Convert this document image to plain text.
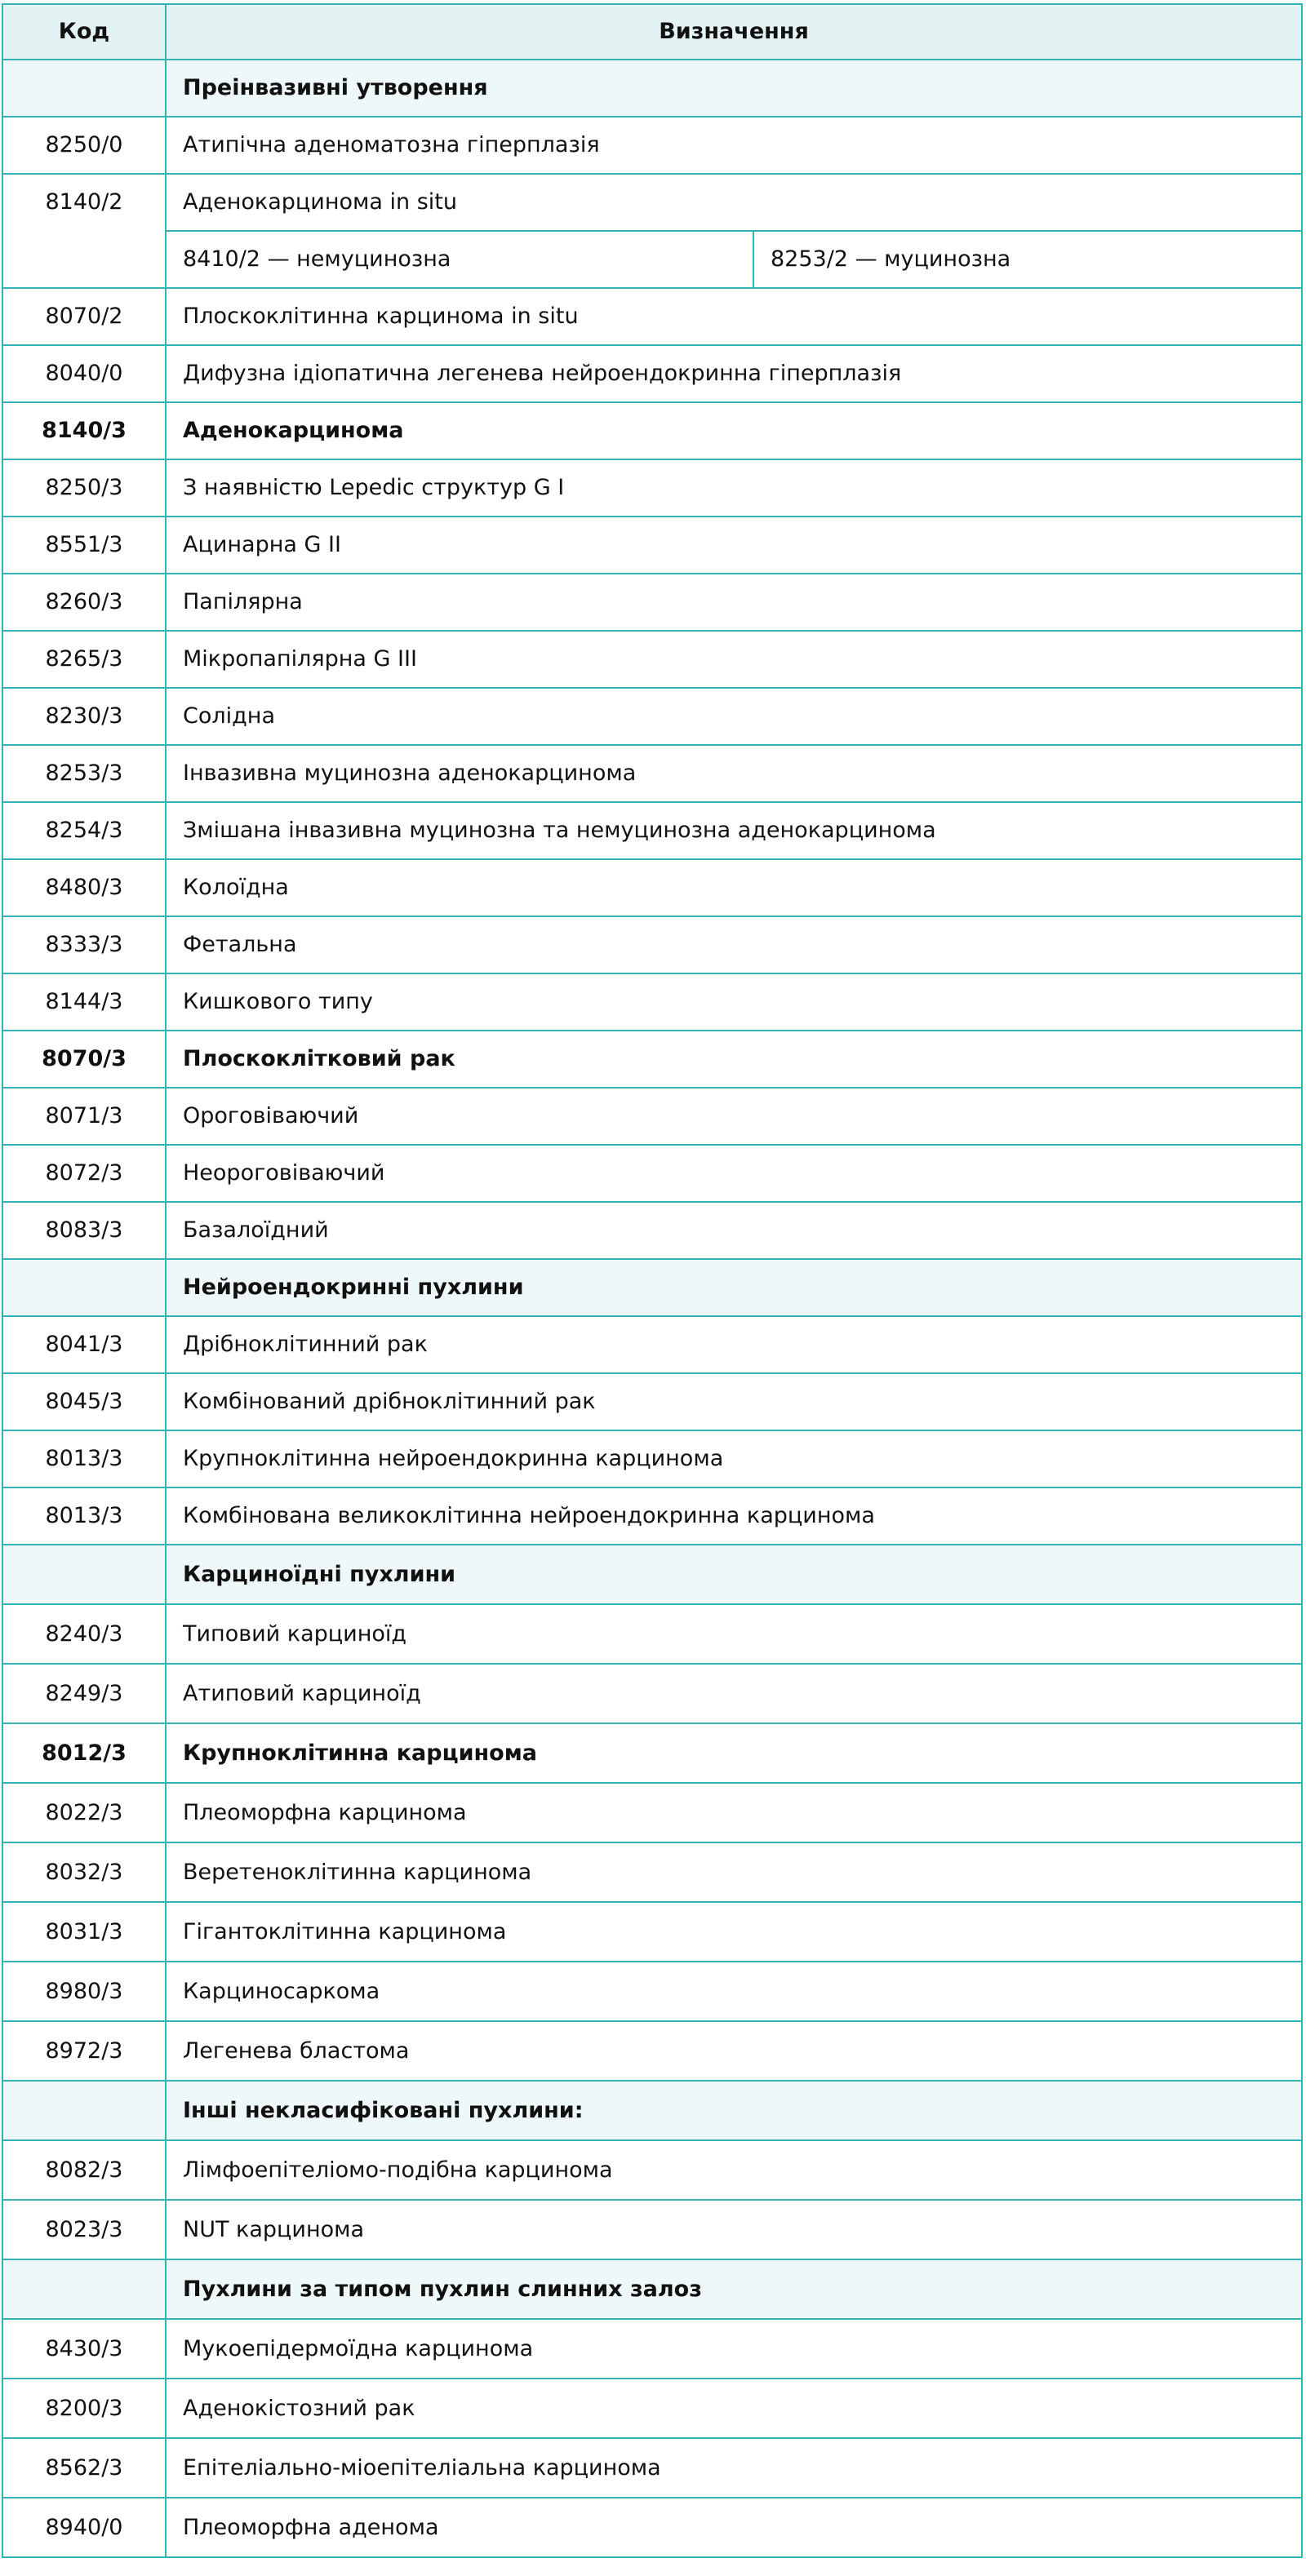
Код	Визначення	
	Преінвазивні утворення	
8250/0	Атипічна аденоматозна гіперплазія	
8140/2	Аденокарцинома in situ	
	8410/2 — немуцинозна	8253/2 — муцинозна
8070/2	Плоскоклітинна карцинома in situ	
8040/0	Дифузна ідіопатична легенева нейроендокринна гіперплазія	
8140/3	Аденокарцинома	
8250/3	З наявністю Lepedic структур G I	
8551/3	Ацинарна G II	
8260/3	Папілярна	
8265/3	Мікропапілярна G III	
8230/3	Солідна	
8253/3	Інвазивна муцинозна аденокарцинома	
8254/3	Змішана інвазивна муцинозна та немуцинозна аденокарцинома	
8480/3	Колоїдна	
8333/3	Фетальна	
8144/3	Кишкового типу	
8070/3	Плоскоклітковий рак	
8071/3	Ороговіваючий	
8072/3	Неороговіваючий	
8083/3	Базалоїдний	
	Нейроендокринні пухлини	
8041/3	Дрібноклітинний рак	
8045/3	Комбінований дрібноклітинний рак	
8013/3	Крупноклітинна нейроендокринна карцинома	
8013/3	Комбінована великоклітинна нейроендокринна карцинома	
	Карциноїдні пухлини	
8240/3	Типовий карциноїд	
8249/3	Атиповий карциноїд	
8012/3	Крупноклітинна карцинома	
8022/3	Плеоморфна карцинома	
8032/3	Веретеноклітинна карцинома	
8031/3	Гігантоклітинна карцинома	
8980/3	Карциносаркома	
8972/3	Легенева бластома	
	Інші некласифіковані пухлини:	
8082/3	Лімфоепітеліомо-подібна карцинома	
8023/3	NUT карцинома	
	Пухлини за типом пухлин слинних залоз	
8430/3	Мукоепідермоїдна карцинома	
8200/3	Аденокістозний рак	
8562/3	Епітеліально-міоепітеліальна карцинома	
8940/0	Плеоморфна аденома	
